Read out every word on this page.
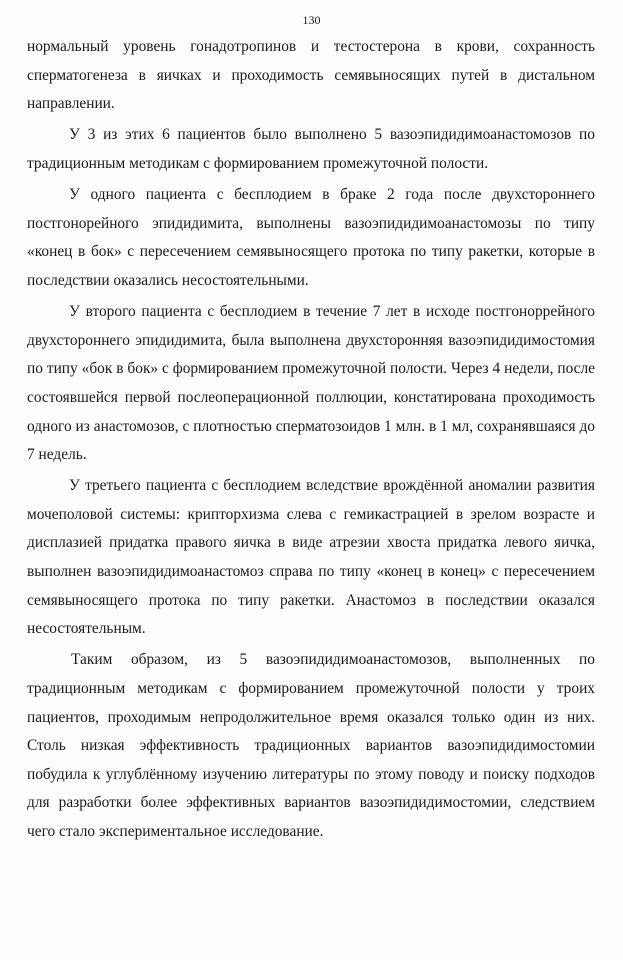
130

нормальный уровень гонадотропинов и тестостерона в крови, сохранность сперматогенеза в яичках и проходимость семявыносящих путей в дистальном направлении.

У 3 из этих 6 пациентов было выполнено 5 вазоэпидидимоанастомозов по традиционным методикам с формированием промежуточной полости.

У одного пациента с бесплодием в браке 2 года после двухстороннего постгонорейного эпидидимита, выполнены вазоэпидидимоанастомозы по типу «конец в бок» с пересечением семявыносящего протока по типу ракетки, которые в последствии оказались несостоятельными.

У второго пациента с бесплодием в течение 7 лет в исходе постгоноррейного двухстороннего эпидидимита, была выполнена двухсторонняя вазоэпидидимостомия по типу «бок в бок» с формированием промежуточной полости. Через 4 недели, после состоявшейся первой послеоперационной поллюции, констатирована проходимость одного из анастомозов, с плотностью сперматозоидов 1 млн. в 1 мл, сохранявшаяся до 7 недель.

У третьего пациента с бесплодием вследствие врождённой аномалии развития мочеполовой системы: крипторхизма слева с гемикастрацией в зрелом возрасте и дисплазией придатка правого яичка в виде атрезии хвоста придатка левого яичка, выполнен вазоэпидидимоанастомоз справа по типу «конец в конец» с пересечением семявыносящего протока по типу ракетки. Анастомоз в последствии оказался несостоятельным.

Таким образом, из 5 вазоэпидидимоанастомозов, выполненных по традиционным методикам с формированием промежуточной полости у троих пациентов, проходимым непродолжительное время оказался только один из них. Столь низкая эффективность традиционных вариантов вазоэпидидимостомии побудила к углублённому изучению литературы по этому поводу и поиску подходов для разработки более эффективных вариантов вазоэпидидимостомии, следствием чего стало экспериментальное исследование.
